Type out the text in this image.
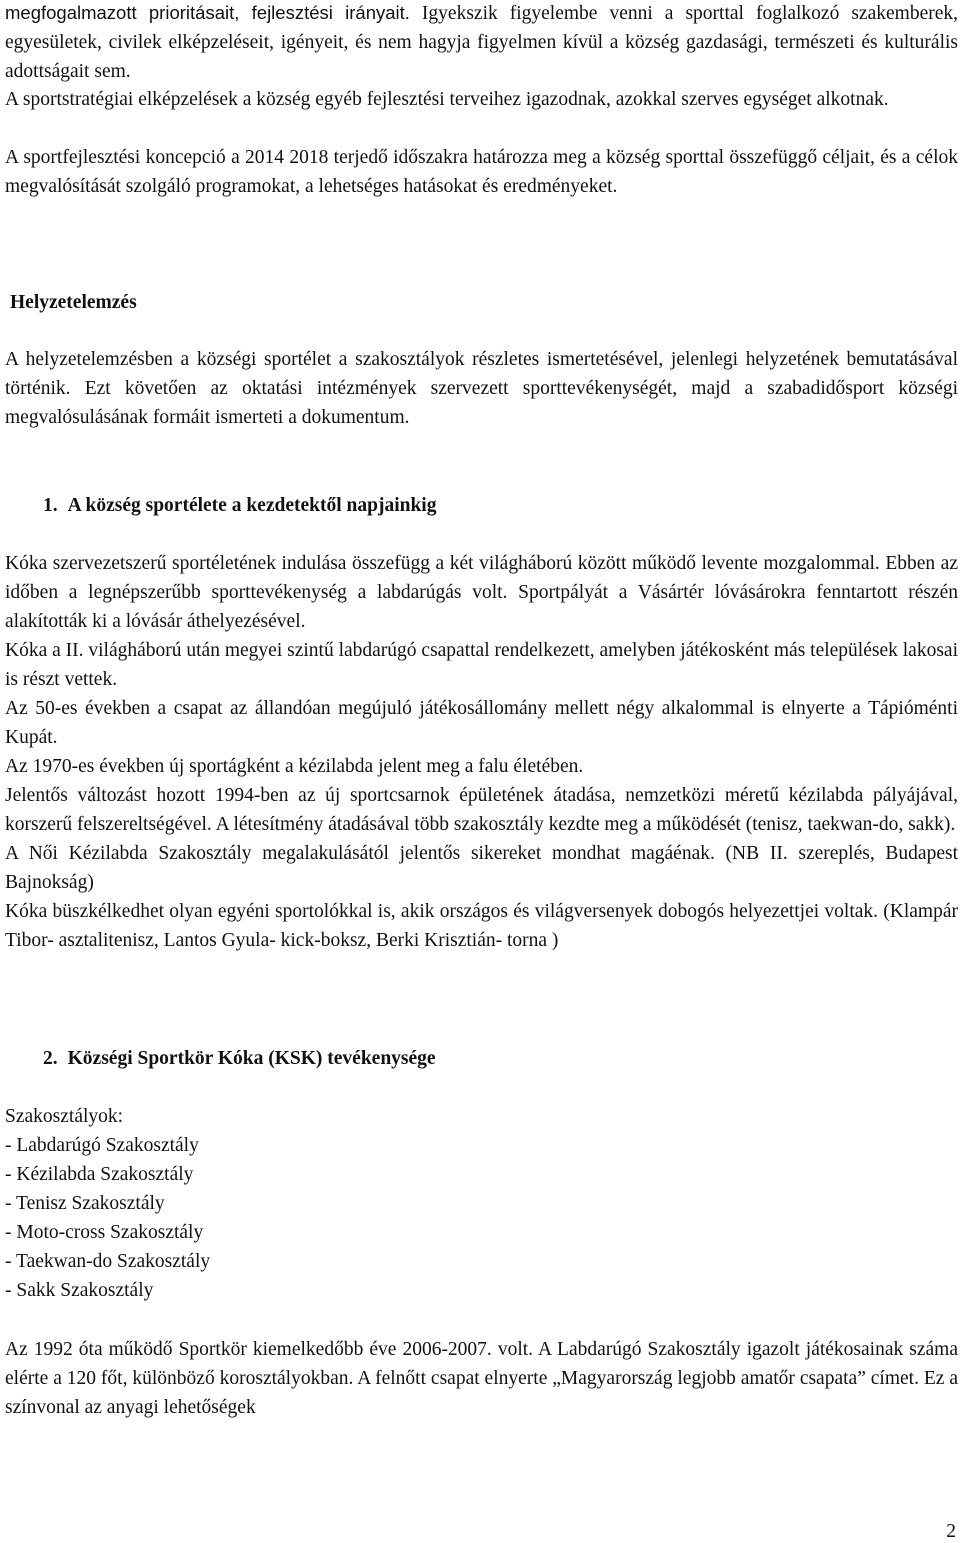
megfogalmazott prioritásait, fejlesztési irányait. Igyekszik figyelembe venni a sporttal foglalkozó szakemberek, egyesületek, civilek elképzeléseit, igényeit, és nem hagyja figyelmen kívül a község gazdasági, természeti és kulturális adottságait sem.

A sportstratégiai elképzelések a község egyéb fejlesztési terveihez igazodnak, azokkal szerves egységet alkotnak.

A sportfejlesztési koncepció a 2014 2018 terjedő időszakra határozza meg a község sporttal összefüggő céljait, és a célok megvalósítását szolgáló programokat, a lehetséges hatásokat és eredményeket.

Helyzetelemzés

A helyzetelemzésben a községi sportélet a szakosztályok részletes ismertetésével, jelenlegi helyzetének bemutatásával történik. Ezt követően az oktatási intézmények szervezett sporttevékenységét, majd a szabadidősport községi megvalósulásának formáit ismerteti a dokumentum.

1. A község sportélete a kezdetektől napjainkig

Kóka szervezetszerű sportéletének indulása összefügg a két világháború között működő levente mozgalommal. Ebben az időben a legnépszerűbb sporttevékenység a labdarúgás volt. Sportpályát a Vásártér lóvásárokra fenntartott részén alakították ki a lóvásár áthelyezésével.

Kóka a II. világháború után megyei szintű labdarúgó csapattal rendelkezett, amelyben játékosként más települések lakosai is részt vettek.

Az 50-es években a csapat az állandóan megújuló játékosállomány mellett négy alkalommal is elnyerte a Tápióménti Kupát.

Az 1970-es években új sportágként a kézilabda jelent meg a falu életében.

Jelentős változást hozott 1994-ben az új sportcsarnok épületének átadása, nemzetközi méretű kézilabda pályájával, korszerű felszereltségével. A létesítmény átadásával több szakosztály kezdte meg a működését (tenisz, taekwan-do, sakk).

A Női Kézilabda Szakosztály megalakulásától jelentős sikereket mondhat magáénak. (NB II. szereplés, Budapest Bajnokság)

Kóka büszkélkedhet olyan egyéni sportolókkal is, akik országos és világversenyek dobogós helyezettjei voltak. (Klampár Tibor- asztalitenisz, Lantos Gyula- kick-boksz, Berki Krisztián- torna )

2. Községi Sportkör Kóka (KSK) tevékenysége

Szakosztályok:

- Labdarúgó Szakosztály
- Kézilabda Szakosztály
- Tenisz Szakosztály
- Moto-cross Szakosztály
- Taekwan-do Szakosztály
- Sakk Szakosztály

Az 1992 óta működő Sportkör kiemelkedőbb éve 2006-2007. volt. A Labdarúgó Szakosztály igazolt játékosainak száma elérte a 120 főt, különböző korosztályokban. A felnőtt csapat elnyerte „Magyarország legjobb amatőr csapata” címet. Ez a színvonal az anyagi lehetőségek

2
